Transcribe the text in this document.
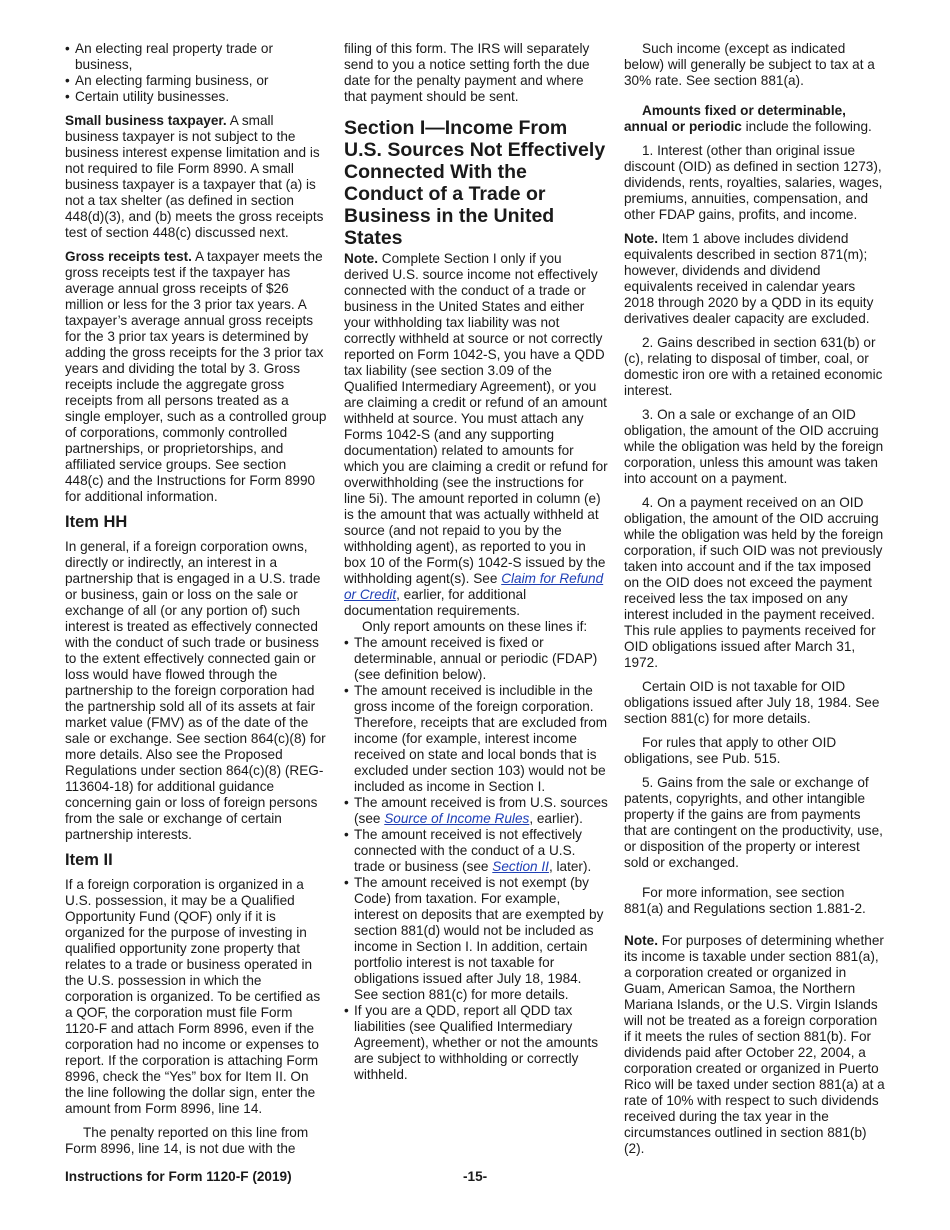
• An electing real property trade or business,

• An electing farming business, or

• Certain utility businesses.

Small business taxpayer. A small business taxpayer is not subject to the business interest expense limitation and is not required to file Form 8990. A small business taxpayer is a taxpayer that (a) is not a tax shelter (as defined in section 448(d)(3), and (b) meets the gross receipts test of section 448(c) discussed next.

Gross receipts test. A taxpayer meets the gross receipts test if the taxpayer has average annual gross receipts of $26 million or less for the 3 prior tax years. A taxpayer’s average annual gross receipts for the 3 prior tax years is determined by adding the gross receipts for the 3 prior tax years and dividing the total by 3. Gross receipts include the aggregate gross receipts from all persons treated as a single employer, such as a controlled group of corporations, commonly controlled partnerships, or proprietorships, and affiliated service groups. See section 448(c) and the Instructions for Form 8990 for additional information.

Item HH

In general, if a foreign corporation owns, directly or indirectly, an interest in a partnership that is engaged in a U.S. trade or business, gain or loss on the sale or exchange of all (or any portion of) such interest is treated as effectively connected with the conduct of such trade or business to the extent effectively connected gain or loss would have flowed through the partnership to the foreign corporation had the partnership sold all of its assets at fair market value (FMV) as of the date of the sale or exchange. See section 864(c)(8) for more details. Also see the Proposed Regulations under section 864(c)(8) (REG-113604-18) for additional guidance concerning gain or loss of foreign persons from the sale or exchange of certain partnership interests.

Item II

If a foreign corporation is organized in a U.S. possession, it may be a Qualified Opportunity Fund (QOF) only if it is organized for the purpose of investing in qualified opportunity zone property that relates to a trade or business operated in the U.S. possession in which the corporation is organized. To be certified as a QOF, the corporation must file Form 1120-F and attach Form 8996, even if the corporation had no income or expenses to report. If the corporation is attaching Form 8996, check the “Yes” box for Item II. On the line following the dollar sign, enter the amount from Form 8996, line 14.

The penalty reported on this line from Form 8996, line 14, is not due with the

filing of this form. The IRS will separately send to you a notice setting forth the due date for the penalty payment and where that payment should be sent.

Section I—Income From U.S. Sources Not Effectively Connected With the Conduct of a Trade or Business in the United States

Note. Complete Section I only if you derived U.S. source income not effectively connected with the conduct of a trade or business in the United States and either your withholding tax liability was not correctly withheld at source or not correctly reported on Form 1042-S, you have a QDD tax liability (see section 3.09 of the Qualified Intermediary Agreement), or you are claiming a credit or refund of an amount withheld at source. You must attach any Forms 1042-S (and any supporting documentation) related to amounts for which you are claiming a credit or refund for overwithholding (see the instructions for line 5i). The amount reported in column (e) is the amount that was actually withheld at source (and not repaid to you by the withholding agent), as reported to you in box 10 of the Form(s) 1042-S issued by the withholding agent(s). See Claim for Refund or Credit, earlier, for additional documentation requirements.

Only report amounts on these lines if:

• The amount received is fixed or determinable, annual or periodic (FDAP) (see definition below).

• The amount received is includible in the gross income of the foreign corporation. Therefore, receipts that are excluded from income (for example, interest income received on state and local bonds that is excluded under section 103) would not be included as income in Section I.

• The amount received is from U.S. sources (see Source of Income Rules, earlier).

• The amount received is not effectively connected with the conduct of a U.S. trade or business (see Section II, later).

• The amount received is not exempt (by Code) from taxation. For example, interest on deposits that are exempted by section 881(d) would not be included as income in Section I. In addition, certain portfolio interest is not taxable for obligations issued after July 18, 1984. See section 881(c) for more details.

• If you are a QDD, report all QDD tax liabilities (see Qualified Intermediary Agreement), whether or not the amounts are subject to withholding or correctly withheld.

Such income (except as indicated below) will generally be subject to tax at a 30% rate. See section 881(a).

Amounts fixed or determinable, annual or periodic include the following.

1. Interest (other than original issue discount (OID) as defined in section 1273), dividends, rents, royalties, salaries, wages, premiums, annuities, compensation, and other FDAP gains, profits, and income.

Note. Item 1 above includes dividend equivalents described in section 871(m); however, dividends and dividend equivalents received in calendar years 2018 through 2020 by a QDD in its equity derivatives dealer capacity are excluded.

2. Gains described in section 631(b) or (c), relating to disposal of timber, coal, or domestic iron ore with a retained economic interest.

3. On a sale or exchange of an OID obligation, the amount of the OID accruing while the obligation was held by the foreign corporation, unless this amount was taken into account on a payment.

4. On a payment received on an OID obligation, the amount of the OID accruing while the obligation was held by the foreign corporation, if such OID was not previously taken into account and if the tax imposed on the OID does not exceed the payment received less the tax imposed on any interest included in the payment received. This rule applies to payments received for OID obligations issued after March 31, 1972.

Certain OID is not taxable for OID obligations issued after July 18, 1984. See section 881(c) for more details.

For rules that apply to other OID obligations, see Pub. 515.

5. Gains from the sale or exchange of patents, copyrights, and other intangible property if the gains are from payments that are contingent on the productivity, use, or disposition of the property or interest sold or exchanged.

For more information, see section 881(a) and Regulations section 1.881-2.

Note. For purposes of determining whether its income is taxable under section 881(a), a corporation created or organized in Guam, American Samoa, the Northern Mariana Islands, or the U.S. Virgin Islands will not be treated as a foreign corporation if it meets the rules of section 881(b). For dividends paid after October 22, 2004, a corporation created or organized in Puerto Rico will be taxed under section 881(a) at a rate of 10% with respect to such dividends received during the tax year in the circumstances outlined in section 881(b)(2).

Instructions for Form 1120-F (2019)	-15-
